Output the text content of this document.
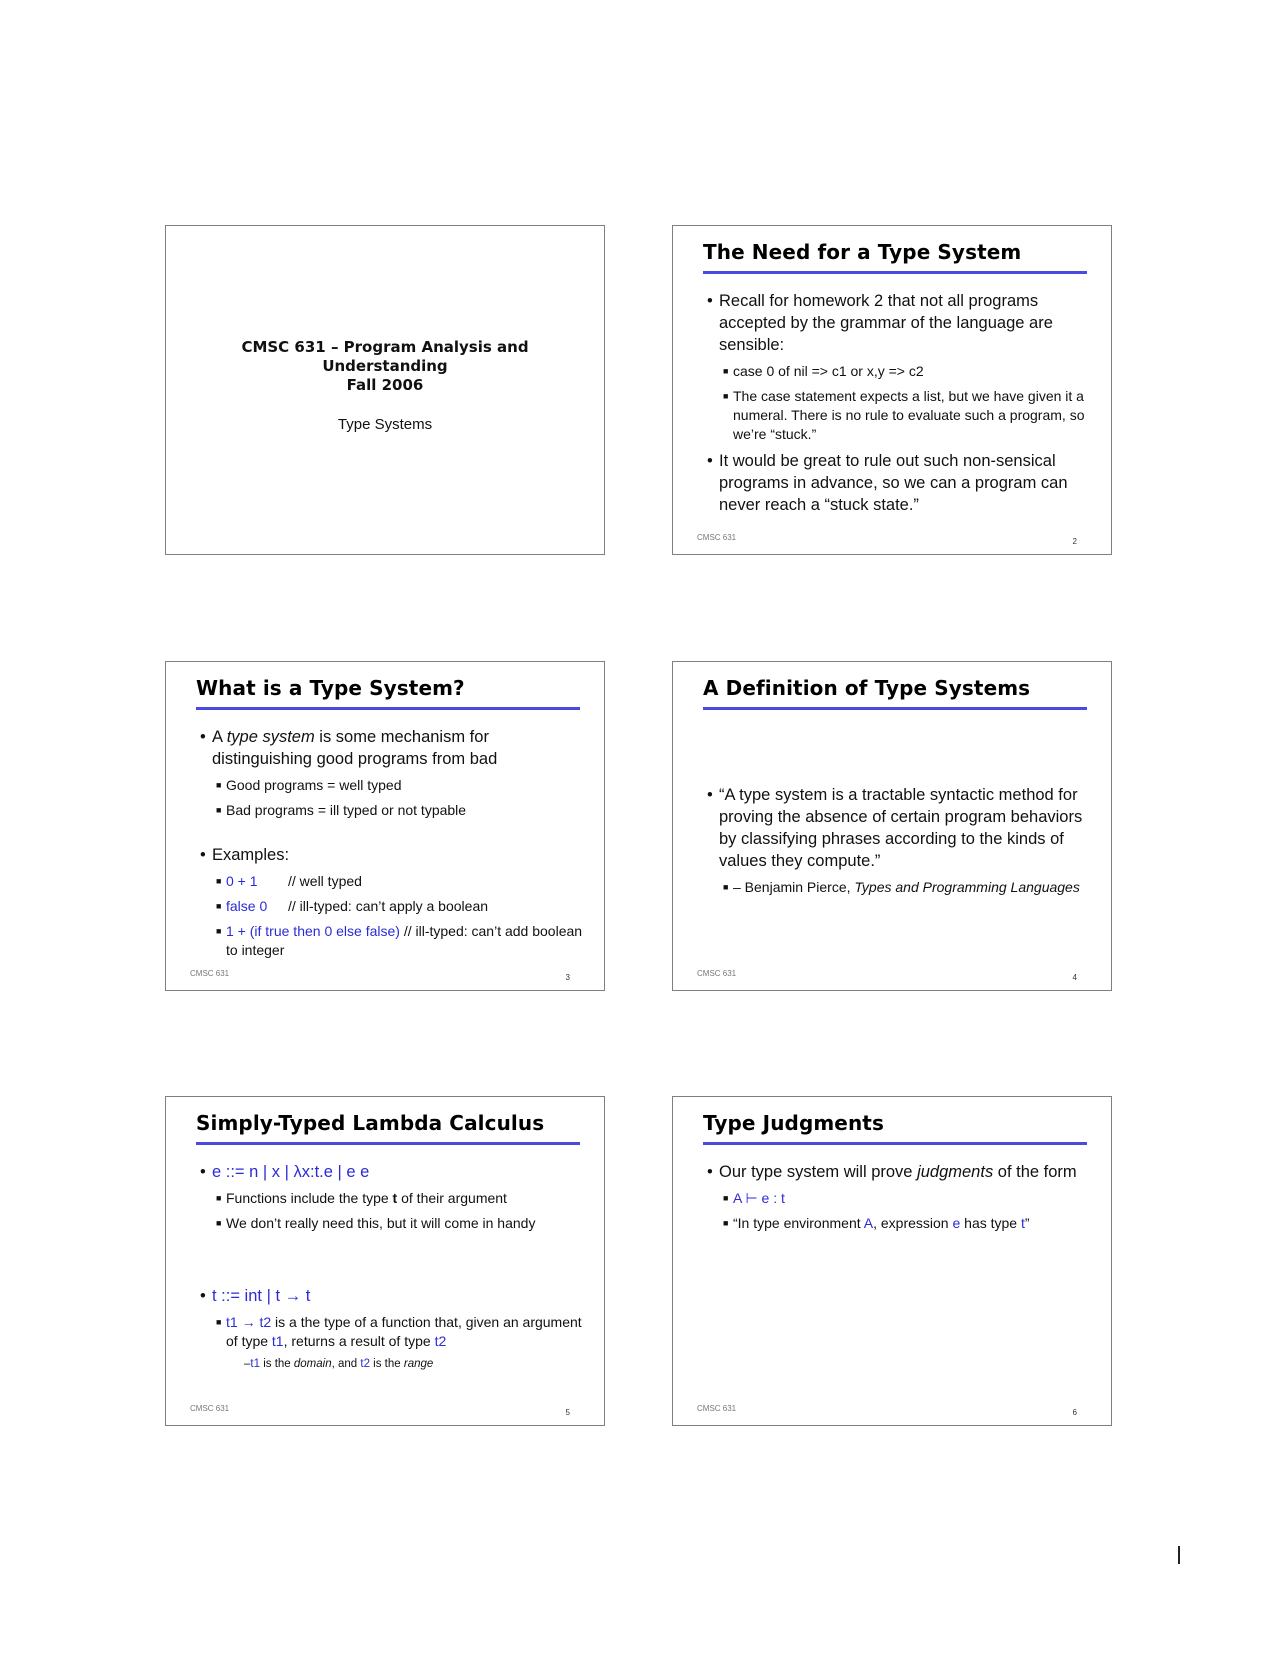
CMSC 631 – Program Analysis and
Understanding
Fall 2006
Type Systems
The Need for a Type System
• Recall for homework 2 that not all programs accepted by the grammar of the language are sensible:
■ case 0 of nil => c1 or x,y => c2
■ The case statement expects a list, but we have given it a numeral. There is no rule to evaluate such a program, so we’re “stuck.”
• It would be great to rule out such non-sensical programs in advance, so we can a program can never reach a “stuck state.”
CMSC 631	2
What is a Type System?
• A type system is some mechanism for distinguishing good programs from bad
■ Good programs = well typed
■ Bad programs = ill typed or not typable
• Examples:
■ 0 + 1 // well typed
■ false 0 // ill-typed: can’t apply a boolean
■ 1 + (if true then 0 else false) // ill-typed: can’t add boolean to integer
CMSC 631	3
A Definition of Type Systems
• “A type system is a tractable syntactic method for proving the absence of certain program behaviors by classifying phrases according to the kinds of values they compute.”
■ – Benjamin Pierce, Types and Programming Languages
CMSC 631	4
Simply-Typed Lambda Calculus
• e ::= n | x | λx:t.e | e e
■ Functions include the type t of their argument
■ We don’t really need this, but it will come in handy
• t ::= int | t → t
■ t1 → t2 is a the type of a function that, given an argument of type t1, returns a result of type t2
–t1 is the domain, and t2 is the range
CMSC 631	5
Type Judgments
• Our type system will prove judgments of the form
■ A ⊢ e : t
■ “In type environment A, expression e has type t”
CMSC 631	6
